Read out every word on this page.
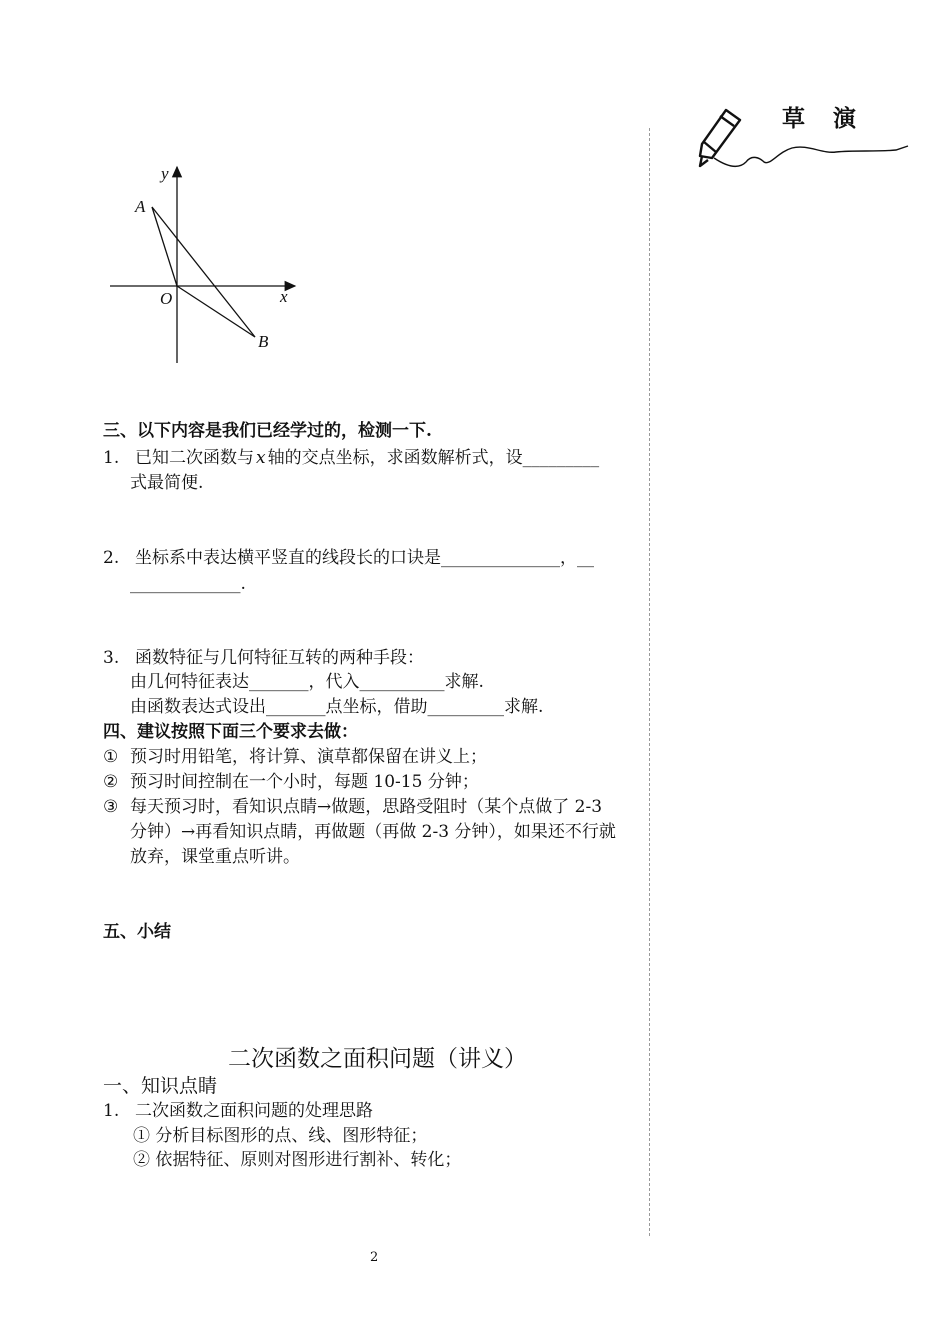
草  演
y
x
O
A
B
三、以下内容是我们已经学过的，检测一下.
1. 已知二次函数与 x 轴的交点坐标，求函数解析式，设_________
式最简便.
2. 坐标系中表达横平竖直的线段长的口诀是______________，__
_____________.
3. 函数特征与几何特征互转的两种手段：
由几何特征表达_______，代入__________求解.
由函数表达式设出_______点坐标，借助_________求解.
四、建议按照下面三个要求去做：
① 预习时用铅笔，将计算、演草都保留在讲义上；
② 预习时间控制在一个小时，每题 10-15 分钟；
③ 每天预习时，看知识点睛→做题，思路受阻时（某个点做了 2-3
分钟）→再看知识点睛，再做题（再做 2-3 分钟），如果还不行就
放弃，课堂重点听讲。
五、小结
二次函数之面积问题（讲义）
一、知识点睛
1. 二次函数之面积问题的处理思路
① 分析目标图形的点、线、图形特征；
② 依据特征、原则对图形进行割补、转化；
2
